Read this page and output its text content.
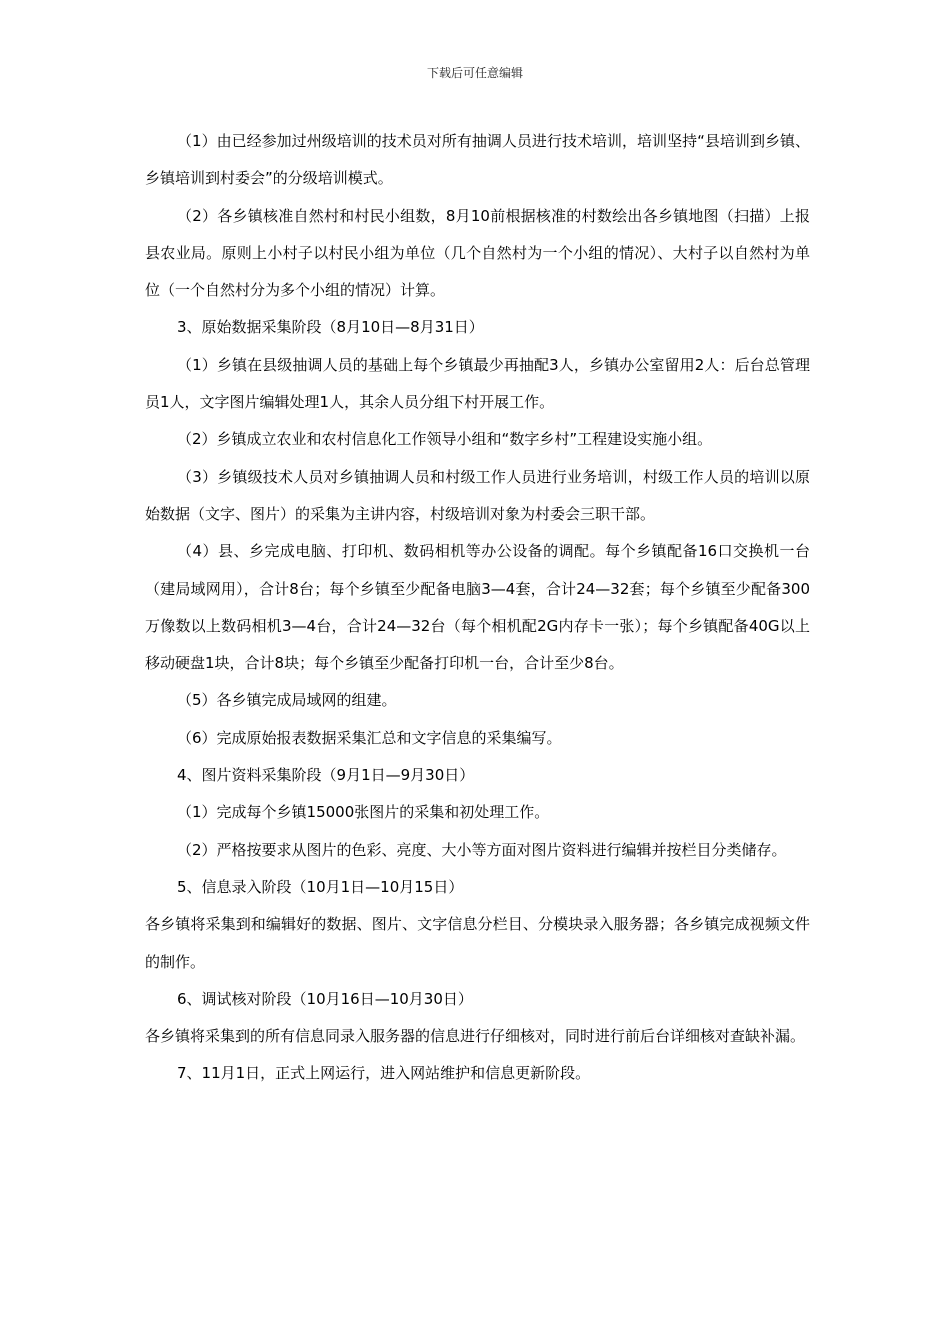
下载后可任意编辑

（1）由已经参加过州级培训的技术员对所有抽调人员进行技术培训，培训坚持“县培训到乡镇、乡镇培训到村委会”的分级培训模式。

（2）各乡镇核准自然村和村民小组数，8月10前根据核准的村数绘出各乡镇地图（扫描）上报县农业局。原则上小村子以村民小组为单位（几个自然村为一个小组的情况）、大村子以自然村为单位（一个自然村分为多个小组的情况）计算。

3、原始数据采集阶段（8月10日—8月31日）

（1）乡镇在县级抽调人员的基础上每个乡镇最少再抽配3人，乡镇办公室留用2人：后台总管理员1人，文字图片编辑处理1人，其余人员分组下村开展工作。

（2）乡镇成立农业和农村信息化工作领导小组和“数字乡村”工程建设实施小组。

（3）乡镇级技术人员对乡镇抽调人员和村级工作人员进行业务培训，村级工作人员的培训以原始数据（文字、图片）的采集为主讲内容，村级培训对象为村委会三职干部。

（4）县、乡完成电脑、打印机、数码相机等办公设备的调配。每个乡镇配备16口交换机一台（建局域网用），合计8台；每个乡镇至少配备电脑3—4套，合计24—32套；每个乡镇至少配备300万像数以上数码相机3—4台，合计24—32台（每个相机配2G内存卡一张）；每个乡镇配备40G以上移动硬盘1块，合计8块；每个乡镇至少配备打印机一台，合计至少8台。

（5）各乡镇完成局域网的组建。

（6）完成原始报表数据采集汇总和文字信息的采集编写。

4、图片资料采集阶段（9月1日—9月30日）

（1）完成每个乡镇15000张图片的采集和初处理工作。

（2）严格按要求从图片的色彩、亮度、大小等方面对图片资料进行编辑并按栏目分类储存。

5、信息录入阶段（10月1日—10月15日）

各乡镇将采集到和编辑好的数据、图片、文字信息分栏目、分模块录入服务器；各乡镇完成视频文件的制作。

6、调试核对阶段（10月16日—10月30日）

各乡镇将采集到的所有信息同录入服务器的信息进行仔细核对，同时进行前后台详细核对查缺补漏。

7、11月1日，正式上网运行，进入网站维护和信息更新阶段。
